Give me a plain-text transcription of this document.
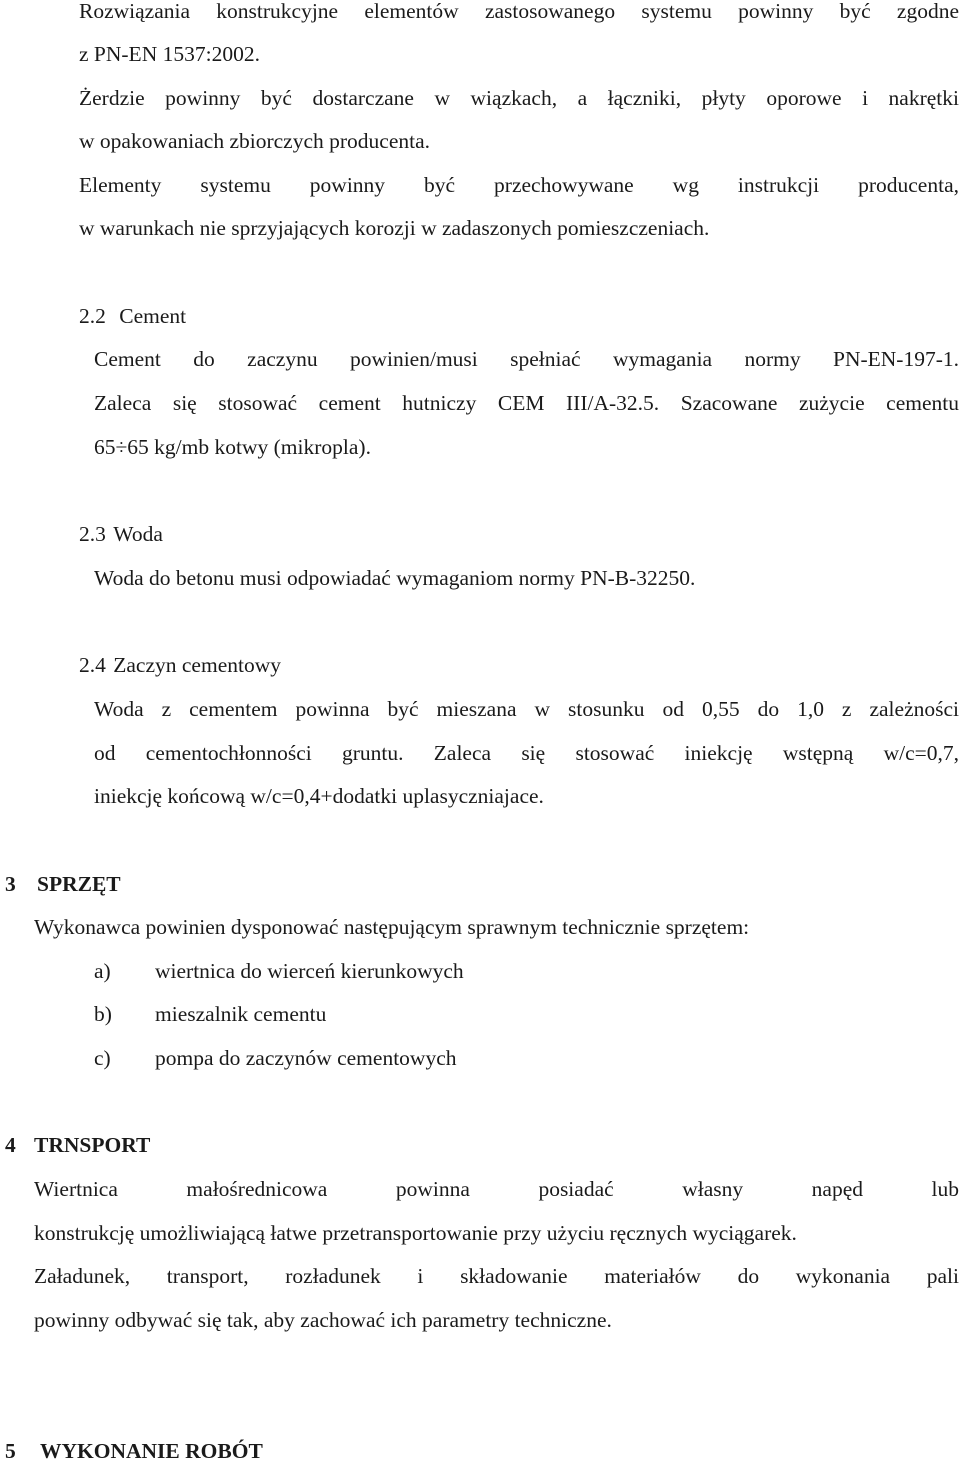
Rozwiązania konstrukcyjne elementów zastosowanego systemu powinny być zgodne
z PN-EN 1537:2002.
Żerdzie powinny być dostarczane w wiązkach, a łączniki, płyty oporowe i nakrętki
w opakowaniach zbiorczych producenta.
Elementy systemu powinny być przechowywane wg instrukcji producenta,
w warunkach nie sprzyjających korozji w zadaszonych pomieszczeniach.
2.2 Cement
Cement do zaczynu powinien/musi spełniać wymagania normy PN-EN-197-1.
Zaleca się stosować cement hutniczy CEM III/A-32.5. Szacowane zużycie cementu
65÷65 kg/mb kotwy (mikropla).
2.3 Woda
Woda do betonu musi odpowiadać wymaganiom normy PN-B-32250.
2.4 Zaczyn cementowy
Woda z cementem powinna być mieszana w stosunku od 0,55 do 1,0 z zależności
od cementochłonności gruntu. Zaleca się stosować iniekcję wstępną w/c=0,7,
iniekcję końcową w/c=0,4+dodatki uplasyczniajace.
3 SPRZĘT
Wykonawca powinien dysponować następującym sprawnym technicznie sprzętem:
a) wiertnica do wierceń kierunkowych
b) mieszalnik cementu
c) pompa do zaczynów cementowych
4 TRNSPORT
Wiertnica małośrednicowa powinna posiadać własny napęd lub
konstrukcję umożliwiającą łatwe przetransportowanie przy użyciu ręcznych wyciągarek.
Załadunek, transport, rozładunek i składowanie materiałów do wykonania pali
powinny odbywać się tak, aby zachować ich parametry techniczne.
5 WYKONANIE ROBÓT
